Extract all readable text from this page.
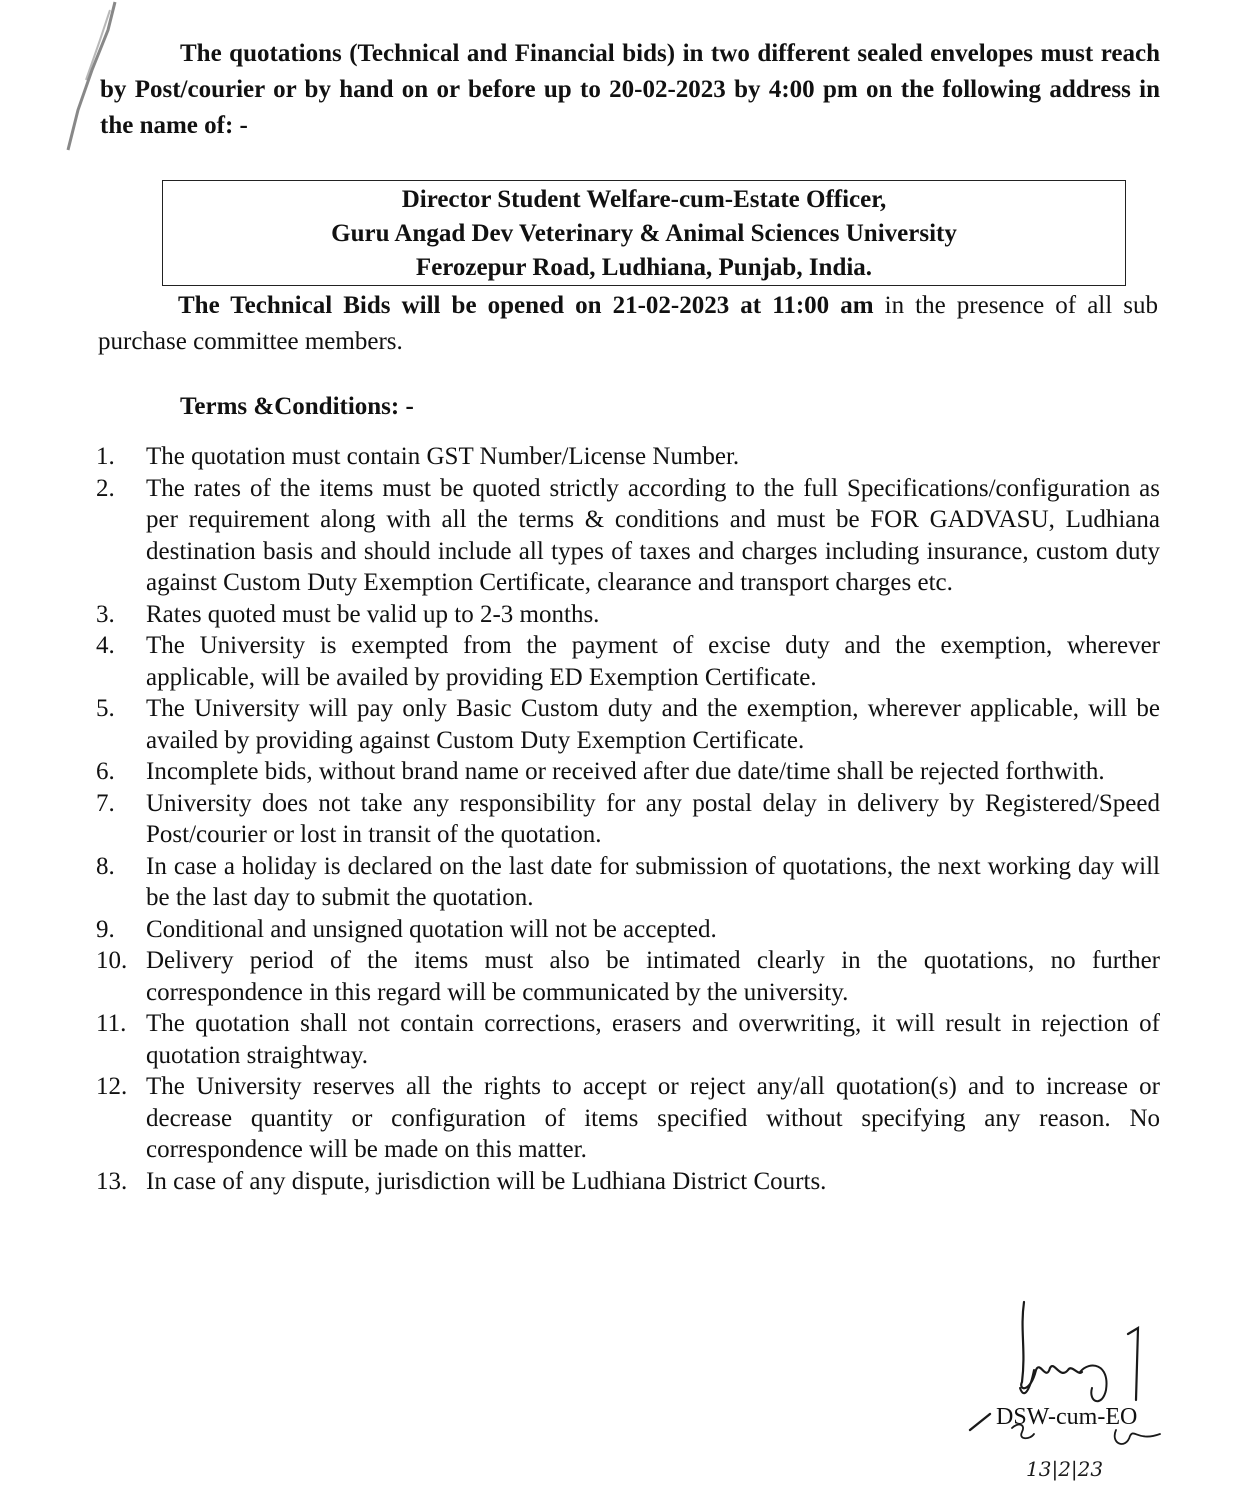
The quotations (Technical and Financial bids) in two different sealed envelopes must reach by Post/courier or by hand on or before up to 20-02-2023 by 4:00 pm on the following address in the name of: -

Director Student Welfare-cum-Estate Officer,
Guru Angad Dev Veterinary & Animal Sciences University
Ferozepur Road, Ludhiana, Punjab, India.

The Technical Bids will be opened on 21-02-2023 at 11:00 am in the presence of all sub purchase committee members.

Terms &Conditions: -

1.	The quotation must contain GST Number/License Number.
2.	The rates of the items must be quoted strictly according to the full Specifications/configuration as per requirement along with all the terms & conditions and must be FOR GADVASU, Ludhiana destination basis and should include all types of taxes and charges including insurance, custom duty against Custom Duty Exemption Certificate, clearance and transport charges etc.
3.	Rates quoted must be valid up to 2-3 months.
4.	The University is exempted from the payment of excise duty and the exemption, wherever applicable, will be availed by providing ED Exemption Certificate.
5.	The University will pay only Basic Custom duty and the exemption, wherever applicable, will be availed by providing against Custom Duty Exemption Certificate.
6.	Incomplete bids, without brand name or received after due date/time shall be rejected forthwith.
7.	University does not take any responsibility for any postal delay in delivery by Registered/Speed Post/courier or lost in transit of the quotation.
8.	In case a holiday is declared on the last date for submission of quotations, the next working day will be the last day to submit the quotation.
9.	Conditional and unsigned quotation will not be accepted.
10. Delivery period of the items must also be intimated clearly in the quotations, no further correspondence in this regard will be communicated by the university.
11. The quotation shall not contain corrections, erasers and overwriting, it will result in rejection of quotation straightway.
12. The University reserves all the rights to accept or reject any/all quotation(s) and to increase or decrease quantity or configuration of items specified without specifying any reason. No correspondence will be made on this matter.
13. In case of any dispute, jurisdiction will be Ludhiana District Courts.
13|2|23
DSW-cum-EO
